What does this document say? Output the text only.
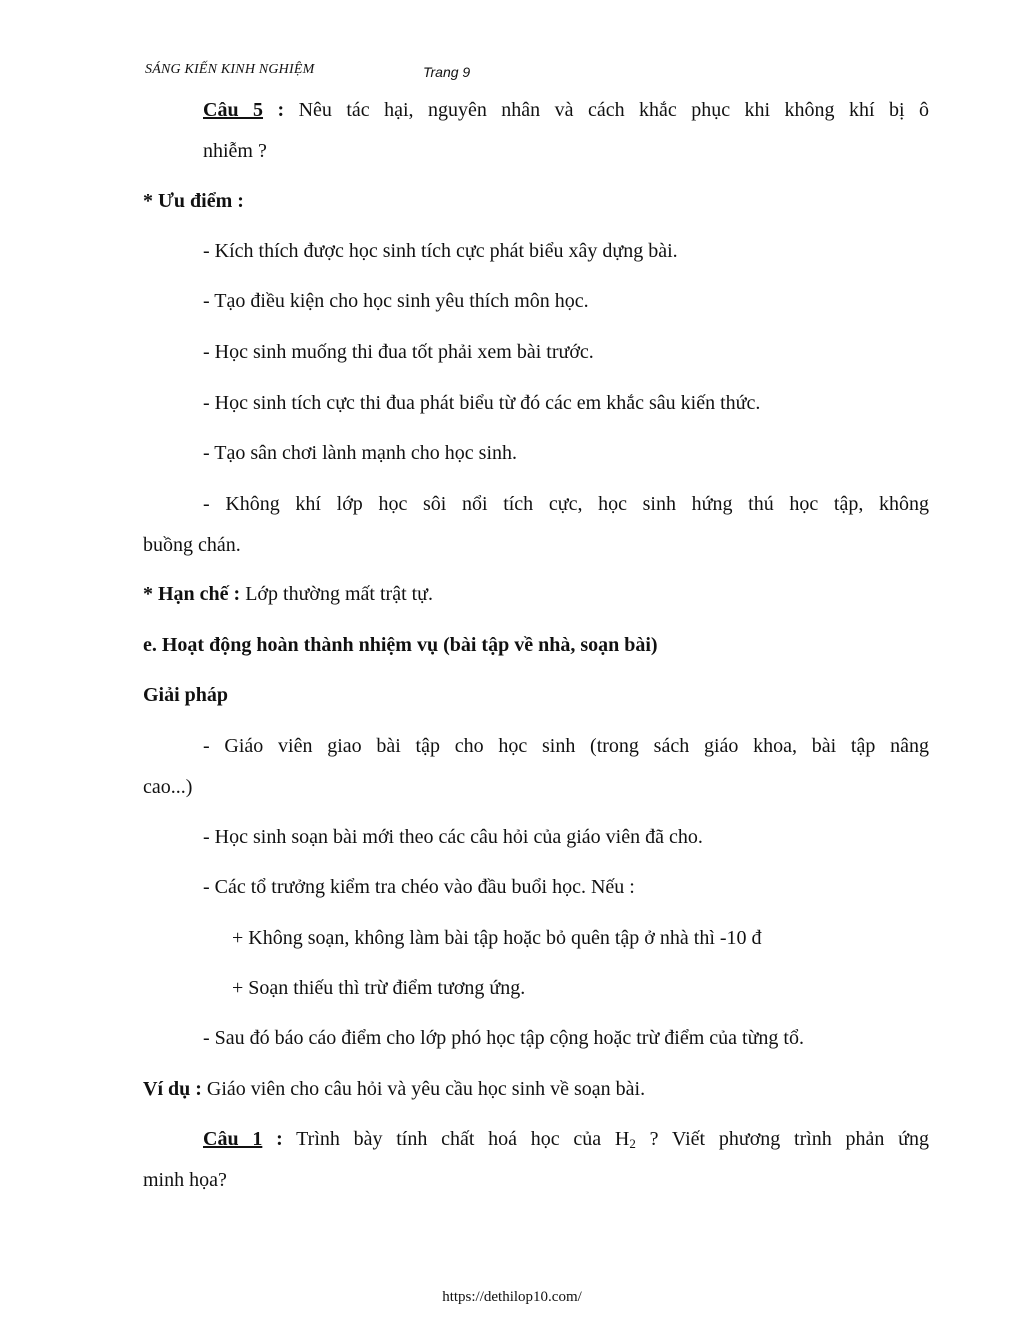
SÁNG KIẾN KINH NGHIỆM	Trang 9
Câu 5 : Nêu tác hại, nguyên nhân và cách khắc phục khi không khí bị ô
nhiễm ?
* Ưu điểm :
- Kích thích được học sinh tích cực phát biểu xây dựng bài.
- Tạo điều kiện cho học sinh yêu thích môn học.
- Học sinh muống thi đua tốt phải xem bài trước.
- Học sinh tích cực thi đua phát biểu từ đó các em khắc sâu kiến thức.
- Tạo sân chơi lành mạnh cho học sinh.
- Không khí lớp học sôi nổi tích cực, học sinh hứng thú học tập, không
buồng chán.
* Hạn chế : Lớp thường mất trật tự.
e. Hoạt động hoàn thành nhiệm vụ (bài tập về nhà, soạn bài)
Giải pháp
- Giáo viên giao bài tập cho học sinh (trong sách giáo khoa, bài tập nâng
cao...)
- Học sinh soạn bài mới theo các câu hỏi của giáo viên đã cho.
- Các tổ trưởng kiểm tra chéo vào đầu buổi học. Nếu :
+ Không soạn, không làm bài tập hoặc bỏ quên tập ở nhà thì -10 đ
+ Soạn thiếu thì trừ điểm tương ứng.
- Sau đó báo cáo điểm cho lớp phó học tập cộng hoặc trừ điểm của từng tổ.
Ví dụ : Giáo viên cho câu hỏi và yêu cầu học sinh về soạn bài.
Câu 1 : Trình bày tính chất hoá học của $H_2$ ? Viết phương trình phản ứng
minh họa?
https://dethilop10.com/
